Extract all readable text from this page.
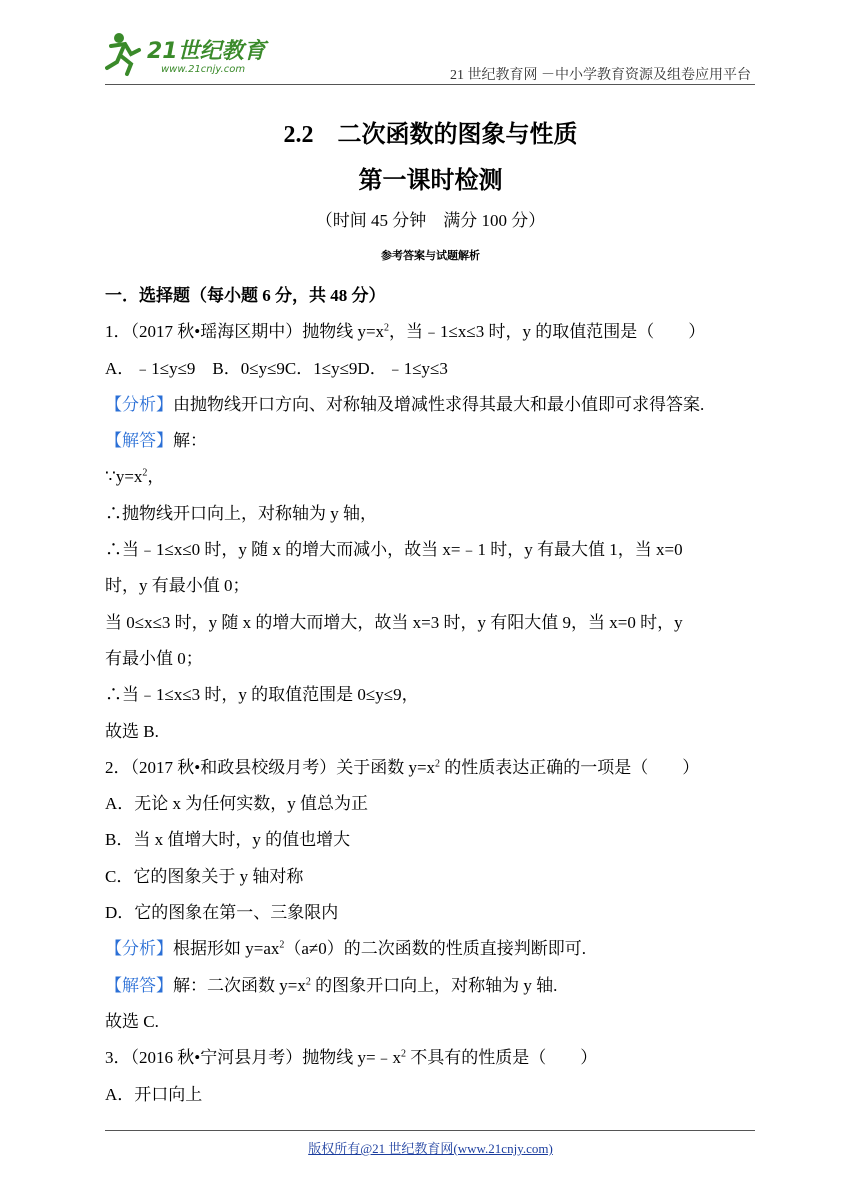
21世纪教育
www.21cnjy.com	21 世纪教育网 －中小学教育资源及组卷应用平台
2.2　二次函数的图象与性质
第一课时检测
（时间 45 分钟　满分 100 分）
参考答案与试题解析
一．选择题（每小题 6 分，共 48 分）
1．（2017 秋•瑶海区期中）抛物线 $y=x^2$，当﹣1≤x≤3 时，y 的取值范围是（　　）
A．﹣1≤y≤9　B．0≤y≤9C．1≤y≤9D．﹣1≤y≤3
【分析】由抛物线开口方向、对称轴及增减性求得其最大和最小值即可求得答案.
【解答】解：
$\because y=x^2$，
∴抛物线开口向上，对称轴为 y 轴，
∴当﹣1≤x≤0 时，y 随 x 的增大而减小，故当 x=﹣1 时，y 有最大值 1，当 x=0
时，y 有最小值 0；
当 0≤x≤3 时，y 随 x 的增大而增大，故当 x=3 时，y 有阳大值 9，当 x=0 时，y
有最小值 0；
∴当﹣1≤x≤3 时，y 的取值范围是 0≤y≤9，
故选 B.
2．（2017 秋•和政县校级月考）关于函数 $y=x^2$ 的性质表达正确的一项是（　　）
A．无论 x 为任何实数，y 值总为正
B．当 x 值增大时，y 的值也增大
C．它的图象关于 y 轴对称
D．它的图象在第一、三象限内
【分析】根据形如 $y=ax^2(a\ne 0)$的二次函数的性质直接判断即可.
【解答】解：二次函数 $y=x^2$ 的图象开口向上，对称轴为 y 轴.
故选 C.
3．（2016 秋•宁河县月考）抛物线 $y=﹣x^2$ 不具有的性质是（　　）
A．开口向上
版权所有@21 世纪教育网(www.21cnjy.com)
